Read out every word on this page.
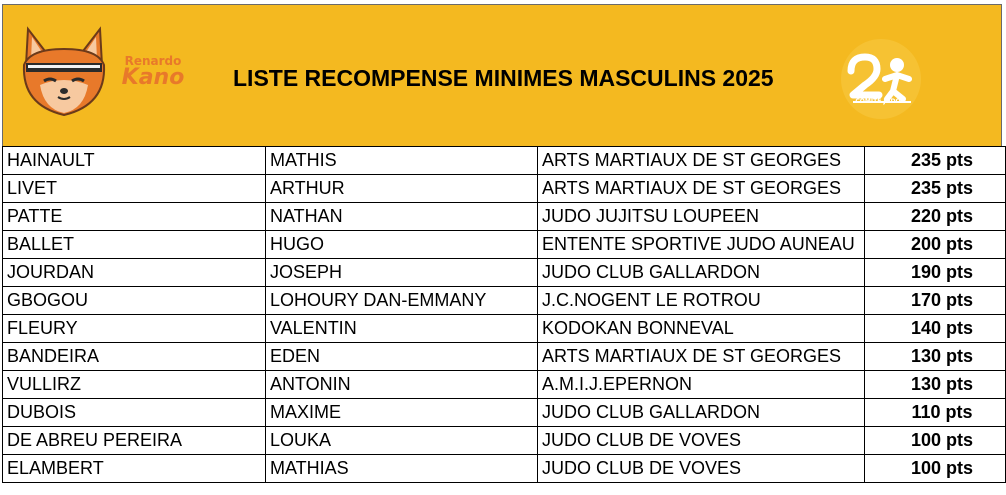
Renardo
Kano	LISTE RECOMPENSE MINIMES MASCULINS 2025
COMITE JUDO
HAINAULT	MATHIS	ARTS MARTIAUX DE ST GEORGES	235 pts
LIVET	ARTHUR	ARTS MARTIAUX DE ST GEORGES	235 pts
PATTE	NATHAN	JUDO JUJITSU LOUPEEN	220 pts
BALLET	HUGO	ENTENTE SPORTIVE JUDO AUNEAU	200 pts
JOURDAN	JOSEPH	JUDO CLUB GALLARDON	190 pts
GBOGOU	LOHOURY DAN-EMMANY	J.C.NOGENT LE ROTROU	170 pts
FLEURY	VALENTIN	KODOKAN BONNEVAL	140 pts
BANDEIRA	EDEN	ARTS MARTIAUX DE ST GEORGES	130 pts
VULLIRZ	ANTONIN	A.M.I.J.EPERNON	130 pts
DUBOIS	MAXIME	JUDO CLUB GALLARDON	110 pts
DE ABREU PEREIRA	LOUKA	JUDO CLUB DE VOVES	100 pts
ELAMBERT	MATHIAS	JUDO CLUB DE VOVES	100 pts
